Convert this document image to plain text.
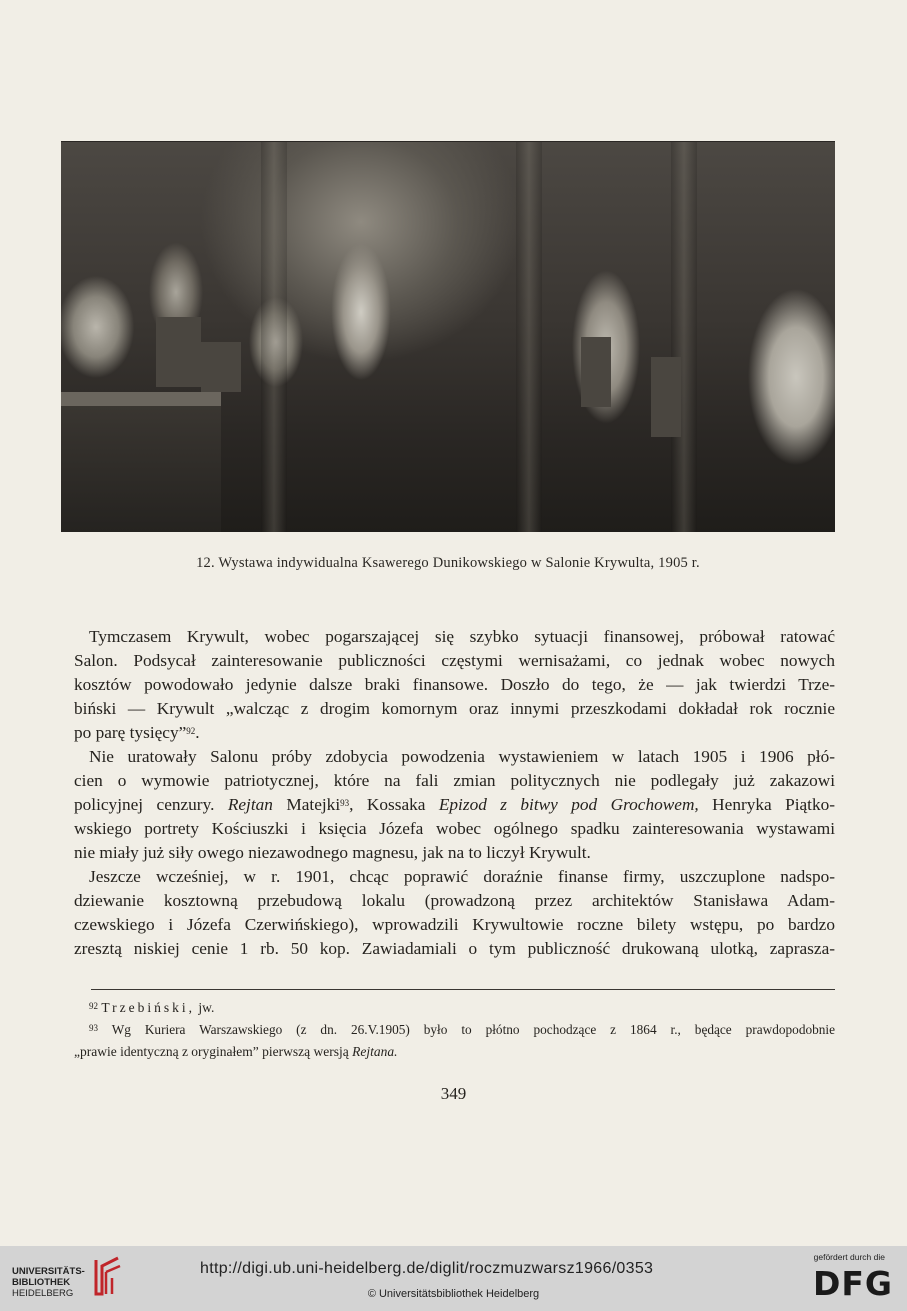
12. Wystawa indywidualna Ksawerego Dunikowskiego w Salonie Krywulta, 1905 r.
Tymczasem Krywult, wobec pogarszającej się szybko sytuacji finansowej, próbował ratować
Salon. Podsycał zainteresowanie publiczności częstymi wernisażami, co jednak wobec nowych
kosztów powodowało jedynie dalsze braki finansowe. Doszło do tego, że — jak twierdzi Trze-
biński — Krywult „walcząc z drogim komornym oraz innymi przeszkodami dokładał rok rocznie
po parę tysięcy”$^{92}$.
Nie uratowały Salonu próby zdobycia powodzenia wystawieniem w latach 1905 i 1906 płó-
cien o wymowie patriotycznej, które na fali zmian politycznych nie podlegały już zakazowi
policyjnej cenzury. Rejtan Matejki$^{93}$, Kossaka Epizod z bitwy pod Grochowem, Henryka Piątko-
wskiego portrety Kościuszki i księcia Józefa wobec ogólnego spadku zainteresowania wystawami
nie miały już siły owego niezawodnego magnesu, jak na to liczył Krywult.
Jeszcze wcześniej, w r. 1901, chcąc poprawić doraźnie finanse firmy, uszczuplone nadspo-
dziewanie kosztowną przebudową lokalu (prowadzoną przez architektów Stanisława Adam-
czewskiego i Józefa Czerwińskiego), wprowadzili Krywultowie roczne bilety wstępu, po bardzo
zresztą niskiej cenie 1 rb. 50 kop. Zawiadamiali o tym publiczność drukowaną ulotką, zaprasza-
$^{92}$ Trzebiński, jw.
$^{93}$ Wg Kuriera Warszawskiego (z dn. 26.V.1905) było to płótno pochodzące z 1864 r., będące prawdopodobnie
„prawie identyczną z oryginałem” pierwszą wersją Rejtana.
349
UNIVERSITÄTS-
BIBLIOTHEK
HEIDELBERG
http://digi.ub.uni-heidelberg.de/diglit/roczmuzwarsz1966/0353
© Universitätsbibliothek Heidelberg
gefördert durch die
DFG
